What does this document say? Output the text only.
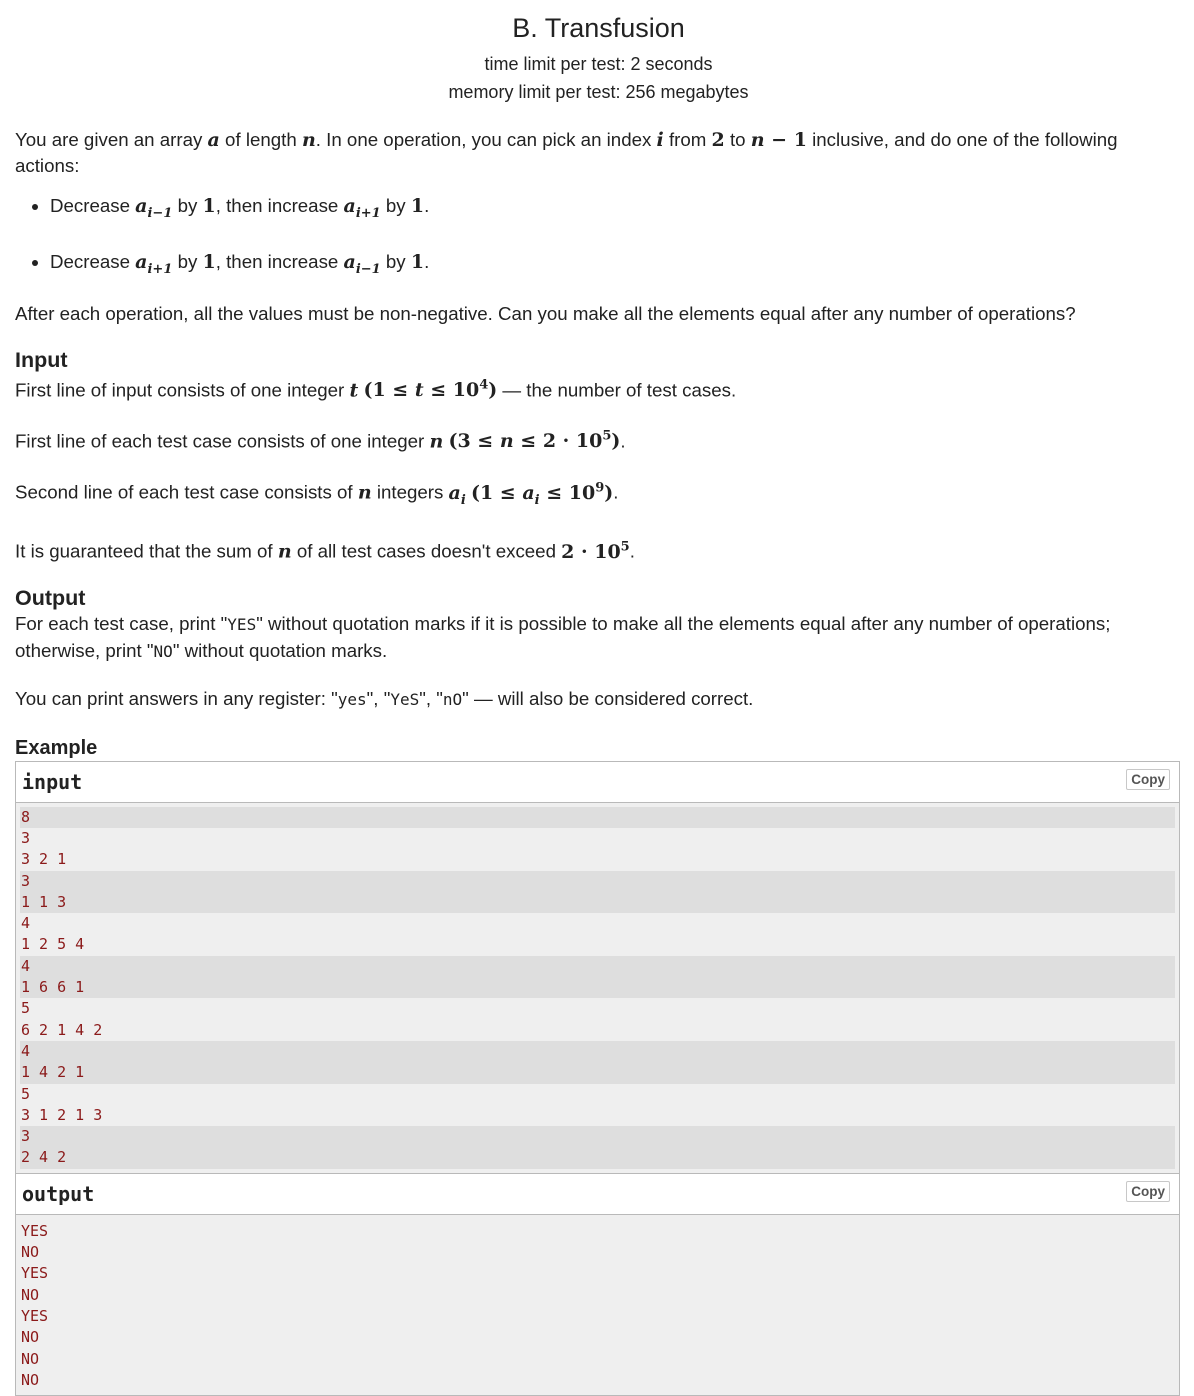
B. Transfusion
time limit per test: 2 seconds
memory limit per test: 256 megabytes

You are given an array a of length n. In one operation, you can pick an index i from 2 to n − 1 inclusive, and do one of the following actions:

• Decrease $a_{i-1}$ by 1, then increase $a_{i+1}$ by 1.
• Decrease $a_{i+1}$ by 1, then increase $a_{i-1}$ by 1.

After each operation, all the values must be non-negative. Can you make all the elements equal after any number of operations?

Input

First line of input consists of one integer t $(1 \le t \le 10^4)$ — the number of test cases.

First line of each test case consists of one integer n $(3 \le n \le 2 \cdot 10^5)$.

Second line of each test case consists of n integers $a_i$ $(1 \le a_i \le 10^9)$.

It is guaranteed that the sum of n of all test cases doesn't exceed $2 \cdot 10^5$.

Output

For each test case, print "YES" without quotation marks if it is possible to make all the elements equal after any number of operations; otherwise, print "NO" without quotation marks.

You can print answers in any register: "yes", "YeS", "nO" — will also be considered correct.

Example
input	Copy
8
3
3 2 1
3
1 1 3
4
1 2 5 4
4
1 6 6 1
5
6 2 1 4 2
4
1 4 2 1
5
3 1 2 1 3
3
2 4 2
output	Copy
YES
NO
YES
NO
YES
NO
NO
NO
